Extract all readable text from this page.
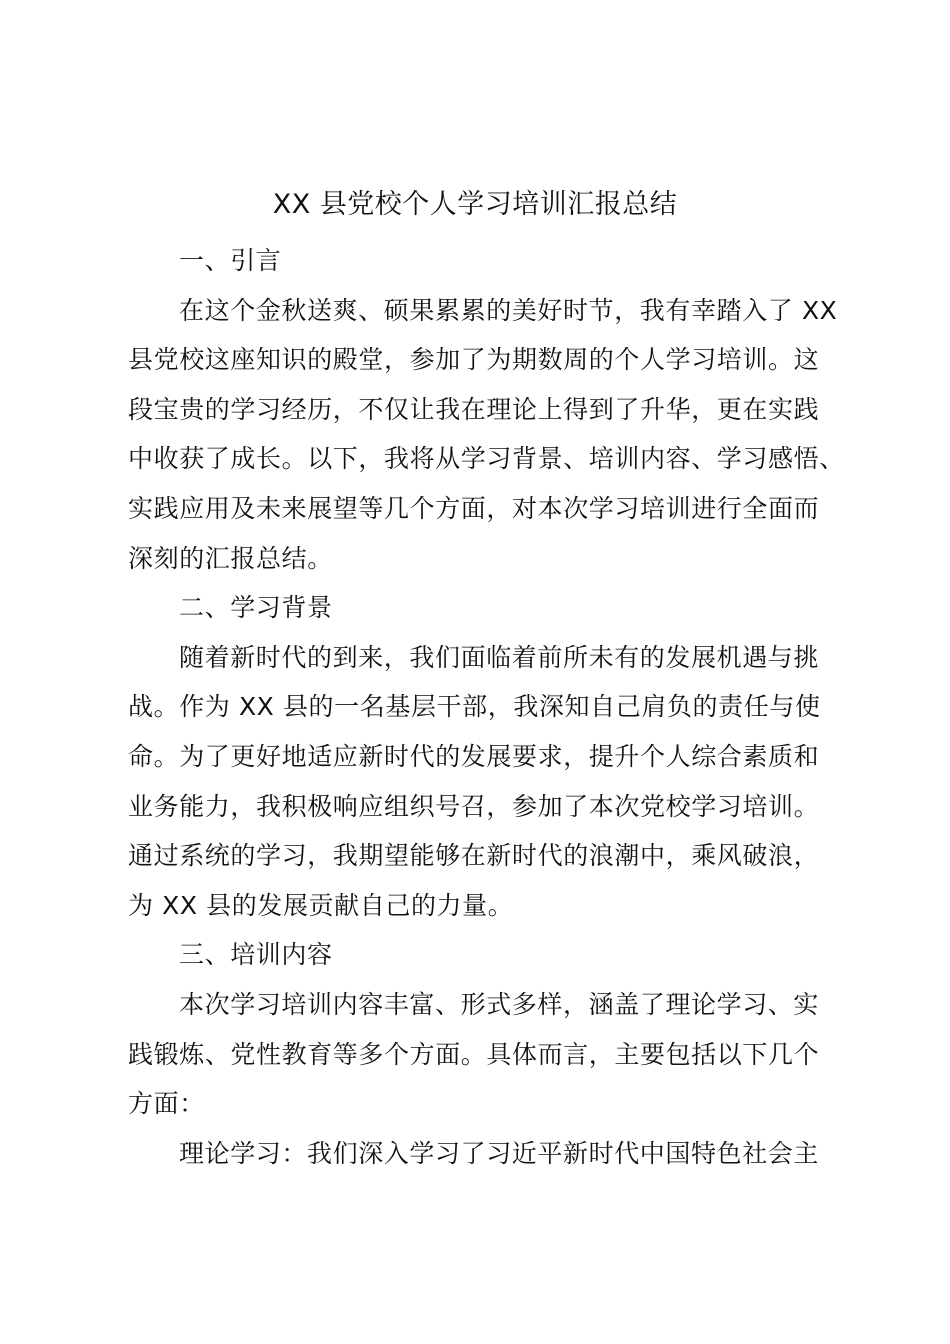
XX 县党校个人学习培训汇报总结
一、引言
在这个金秋送爽、硕果累累的美好时节，我有幸踏入了 XX
县党校这座知识的殿堂，参加了为期数周的个人学习培训。这
段宝贵的学习经历，不仅让我在理论上得到了升华，更在实践
中收获了成长。以下，我将从学习背景、培训内容、学习感悟、
实践应用及未来展望等几个方面，对本次学习培训进行全面而
深刻的汇报总结。
二、学习背景
随着新时代的到来，我们面临着前所未有的发展机遇与挑
战。作为 XX 县的一名基层干部，我深知自己肩负的责任与使
命。为了更好地适应新时代的发展要求，提升个人综合素质和
业务能力，我积极响应组织号召，参加了本次党校学习培训。
通过系统的学习，我期望能够在新时代的浪潮中，乘风破浪，
为 XX 县的发展贡献自己的力量。
三、培训内容
本次学习培训内容丰富、形式多样，涵盖了理论学习、实
践锻炼、党性教育等多个方面。具体而言，主要包括以下几个
方面：
理论学习：我们深入学习了习近平新时代中国特色社会主
